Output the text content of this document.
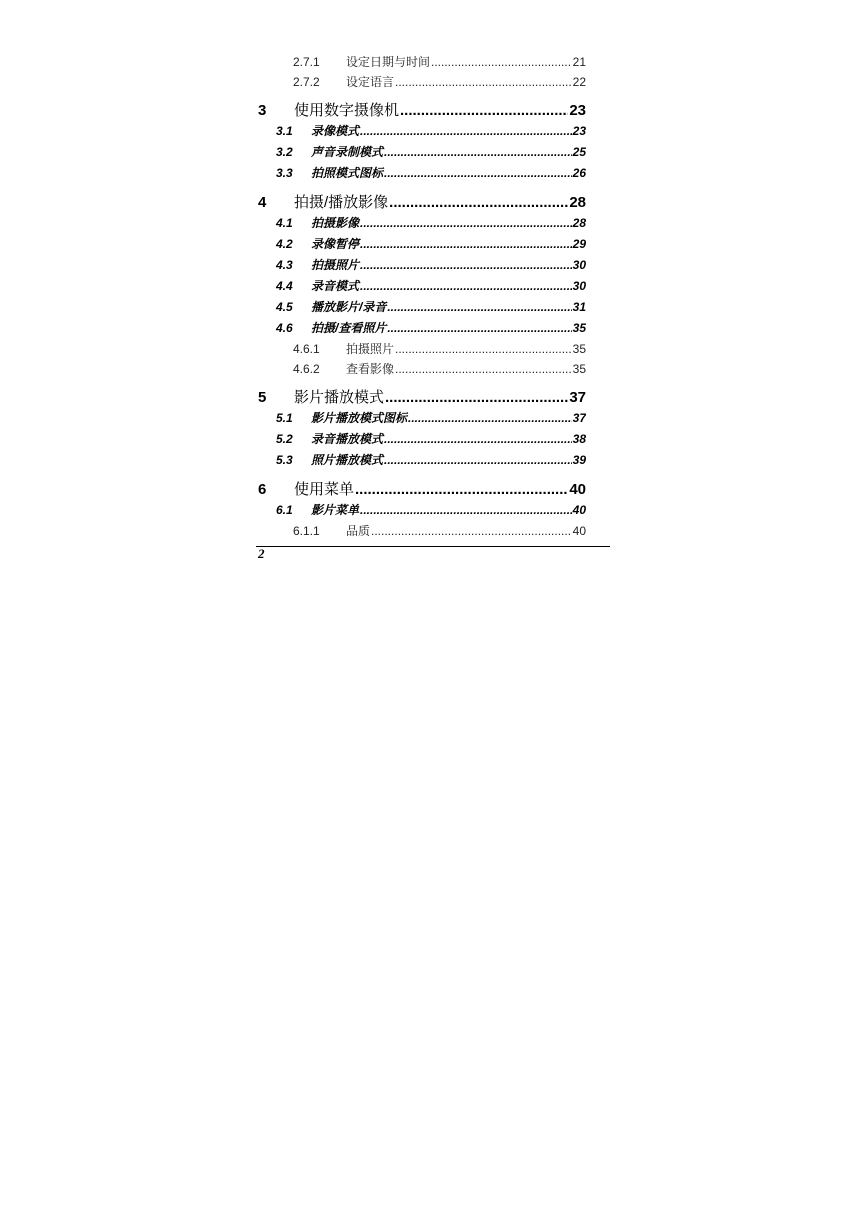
2.7.1	设定日期与时间 .....	21
2.7.2	设定语言 .....	22
3	使用数字摄像机 .....	23
3.1	录像模式 .....	23
3.2	声音录制模式 .....	25
3.3	拍照模式图标 .....	26
4	拍摄/播放影像 .....	28
4.1	拍摄影像 .....	28
4.2	录像暂停 .....	29
4.3	拍摄照片 .....	30
4.4	录音模式 .....	30
4.5	播放影片/录音 .....	31
4.6	拍摄/查看照片 .....	35
4.6.1	拍摄照片 .....	35
4.6.2	查看影像 .....	35
5	影片播放模式 .....	37
5.1	影片播放模式图标 .....	37
5.2	录音播放模式 .....	38
5.3	照片播放模式 .....	39
6	使用菜单 .....	40
6.1	影片菜单 .....	40
6.1.1	品质 .....	40
2
